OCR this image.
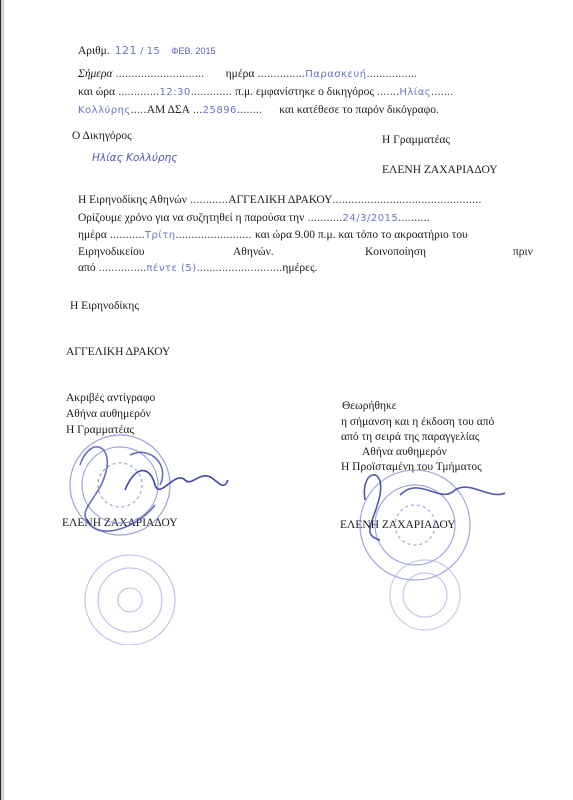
Αριθμ. 121 / 15 ΦΕΒ. 2015
Σήμερα ............................ ημέρα ...............Παρασκευή................
και ώρα .............12:30............. π.μ. εμφανίστηκε ο δικηγόρος .......Ηλίας.......
Κολλύρης.....ΑΜ ΔΣΑ ...25896........ και κατέθεσε το παρόν δικόγραφο.
Ο Δικηγόρος	Η Γραμματέας
Ηλίας Κολλύρης
ΕΛΕΝΗ ΖΑΧΑΡΙΑΔΟΥ
Η Ειρηνοδίκης Αθηνών ............ΑΓΓΕΛΙΚΗ ΔΡΑΚΟΥ...............................................
Ορίζουμε χρόνο για να συζητηθεί η παρούσα την ...........24/3/2015..........
ημέρα ...........Τρίτη........................ και ώρα 9.00 π.μ. και τόπο το ακροατήριο του
Ειρηνοδικείου	Αθηνών.	Κοινοποίηση	πριν
από ...............πέντε (5)...........................ημέρες.
Η Ειρηνοδίκης
ΑΓΓΕΛΙΚΗ ΔΡΑΚΟΥ
Ακριβές αντίγραφο
Αθήνα αυθημερόν
Η Γραμματέας
ΕΛΕΝΗ ΖΑΧΑΡΙΑΔΟΥ
Θεωρήθηκε
η σήμανση και η έκδοση του από
από τη σειρά της παραγγελίας
Αθήνα αυθημερόν
Η Προϊσταμένη του Τμήματος
ΕΛΕΝΗ ΖΑΧΑΡΙΑΔΟΥ
